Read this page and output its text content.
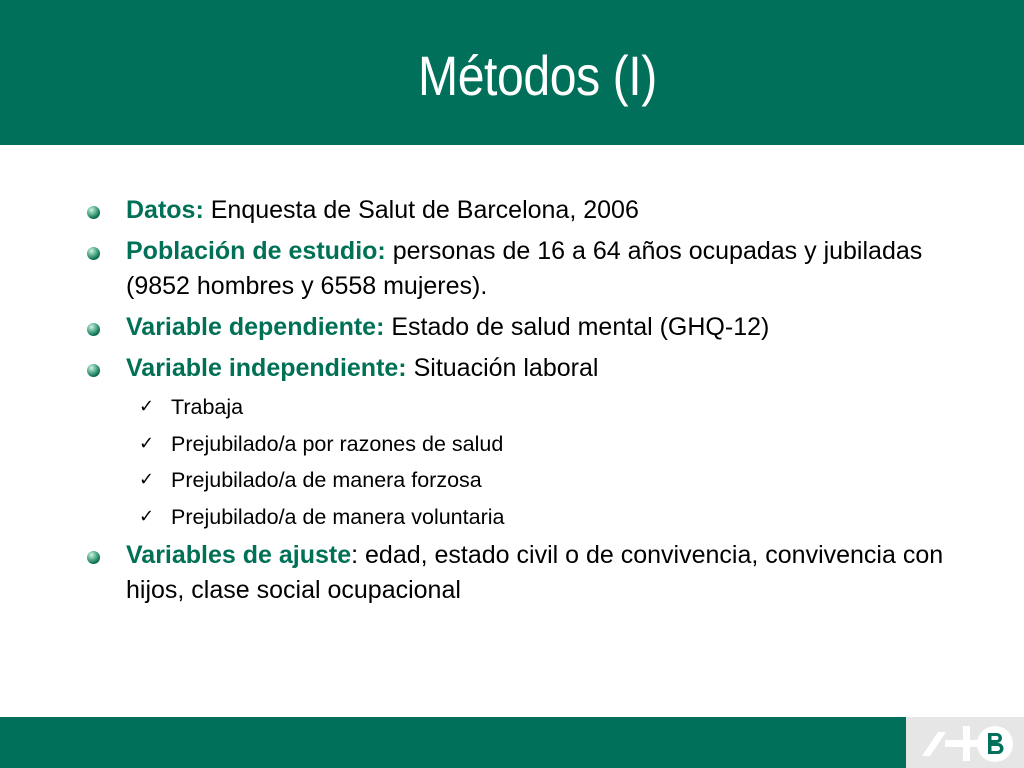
Métodos (I)
Datos: Enquesta de Salut de Barcelona, 2006
Población de estudio: personas de 16 a 64 años ocupadas y jubiladas (9852 hombres y 6558 mujeres).
Variable dependiente: Estado de salud mental (GHQ-12)
Variable independiente: Situación laboral
✓ Trabaja
✓ Prejubilado/a por razones de salud
✓ Prejubilado/a de manera forzosa
✓ Prejubilado/a de manera voluntaria
Variables de ajuste: edad, estado civil o de convivencia, convivencia con hijos, clase social ocupacional
